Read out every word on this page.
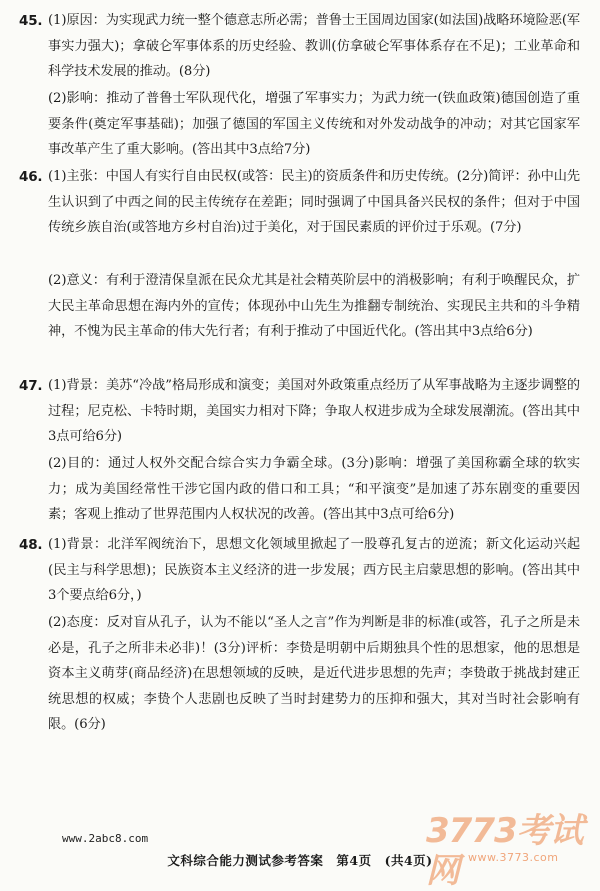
45. (1)原因：为实现武力统一整个德意志所必需；普鲁士王国周边国家(如法国)战略环境险恶(军事实力强大)；拿破仑军事体系的历史经验、教训(仿拿破仑军事体系存在不足)；工业革命和科学技术发展的推动。(8分)
(2)影响：推动了普鲁士军队现代化，增强了军事实力；为武力统一(铁血政策)德国创造了重要条件(奠定军事基础)；加强了德国的军国主义传统和对外发动战争的冲动；对其它国家军事改革产生了重大影响。(答出其中3点给7分)
46. (1)主张：中国人有实行自由民权(或答：民主)的资质条件和历史传统。(2分)简评：孙中山先生认识到了中西之间的民主传统存在差距；同时强调了中国具备兴民权的条件；但对于中国传统乡族自治(或答地方乡村自治)过于美化，对于国民素质的评价过于乐观。(7分)
(2)意义：有利于澄清保皇派在民众尤其是社会精英阶层中的消极影响；有利于唤醒民众，扩大民主革命思想在海内外的宣传；体现孙中山先生为推翻专制统治、实现民主共和的斗争精神，不愧为民主革命的伟大先行者；有利于推动了中国近代化。(答出其中3点给6分)
47. (1)背景：美苏“冷战”格局形成和演变；美国对外政策重点经历了从军事战略为主逐步调整的过程；尼克松、卡特时期，美国实力相对下降；争取人权进步成为全球发展潮流。(答出其中3点可给6分)
(2)目的：通过人权外交配合综合实力争霸全球。(3分)影响：增强了美国称霸全球的软实力；成为美国经常性干涉它国内政的借口和工具；“和平演变”是加速了苏东剧变的重要因素；客观上推动了世界范围内人权状况的改善。(答出其中3点可给6分)
48. (1)背景：北洋军阀统治下，思想文化领域里掀起了一股尊孔复古的逆流；新文化运动兴起(民主与科学思想)；民族资本主义经济的进一步发展；西方民主启蒙思想的影响。(答出其中3个要点给6分，)
(2)态度：反对盲从孔子，认为不能以“圣人之言”作为判断是非的标准(或答，孔子之所是未必是，孔子之所非未必非)！(3分)评析：李贽是明朝中后期独具个性的思想家，他的思想是资本主义萌芽(商品经济)在思想领域的反映，是近代进步思想的先声；李贽敢于挑战封建正统思想的权威；李贽个人悲剧也反映了当时封建势力的压抑和强大，其对当时社会影响有限。(6分)
www.2abc8.com
文科综合能力测试参考答案　第4页　(共4页)
3773考试网 www.3773.com
